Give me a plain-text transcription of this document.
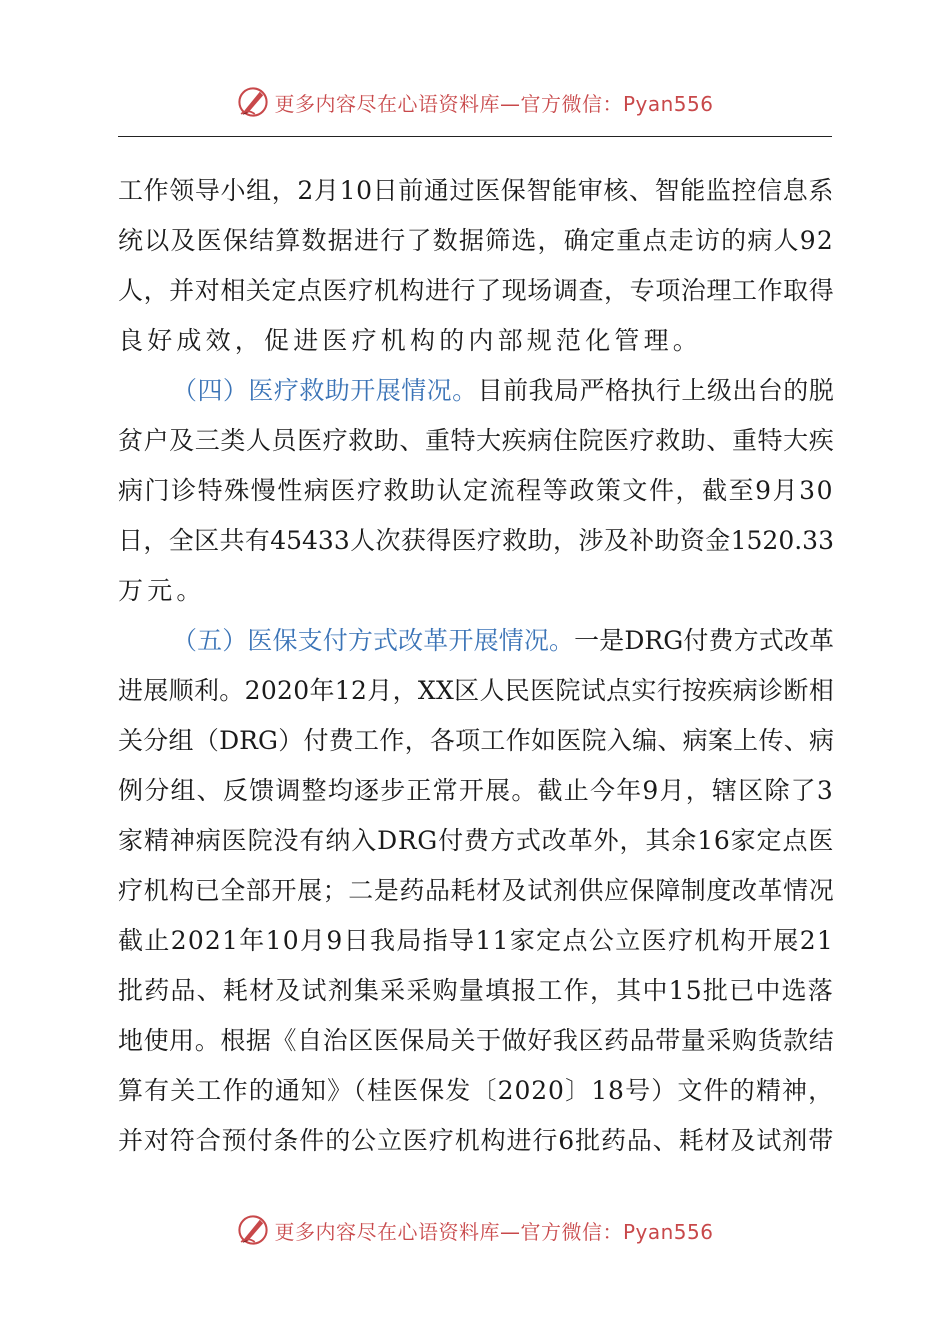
更多内容尽在心语资料库—官方微信：Pyan556
工作领导小组，2月10日前通过医保智能审核、智能监控信息系
统以及医保结算数据进行了数据筛选，确定重点走访的病人92
人，并对相关定点医疗机构进行了现场调查，专项治理工作取得
良好成效，促进医疗机构的内部规范化管理。
（四）医疗救助开展情况。目前我局严格执行上级出台的脱
贫户及三类人员医疗救助、重特大疾病住院医疗救助、重特大疾
病门诊特殊慢性病医疗救助认定流程等政策文件，截至9月30
日，全区共有45433人次获得医疗救助，涉及补助资金1520.33
万元。
（五）医保支付方式改革开展情况。一是DRG付费方式改革
进展顺利。2020年12月，XX区人民医院试点实行按疾病诊断相
关分组（DRG）付费工作，各项工作如医院入编、病案上传、病
例分组、反馈调整均逐步正常开展。截止今年9月，辖区除了3
家精神病医院没有纳入DRG付费方式改革外，其余16家定点医
疗机构已全部开展；二是药品耗材及试剂供应保障制度改革情况
截止2021年10月9日我局指导11家定点公立医疗机构开展21
批药品、耗材及试剂集采采购量填报工作，其中15批已中选落
地使用。根据《自治区医保局关于做好我区药品带量采购货款结
算有关工作的通知》（桂医保发〔2020〕18号）文件的精神，
并对符合预付条件的公立医疗机构进行6批药品、耗材及试剂带
更多内容尽在心语资料库—官方微信：Pyan556
